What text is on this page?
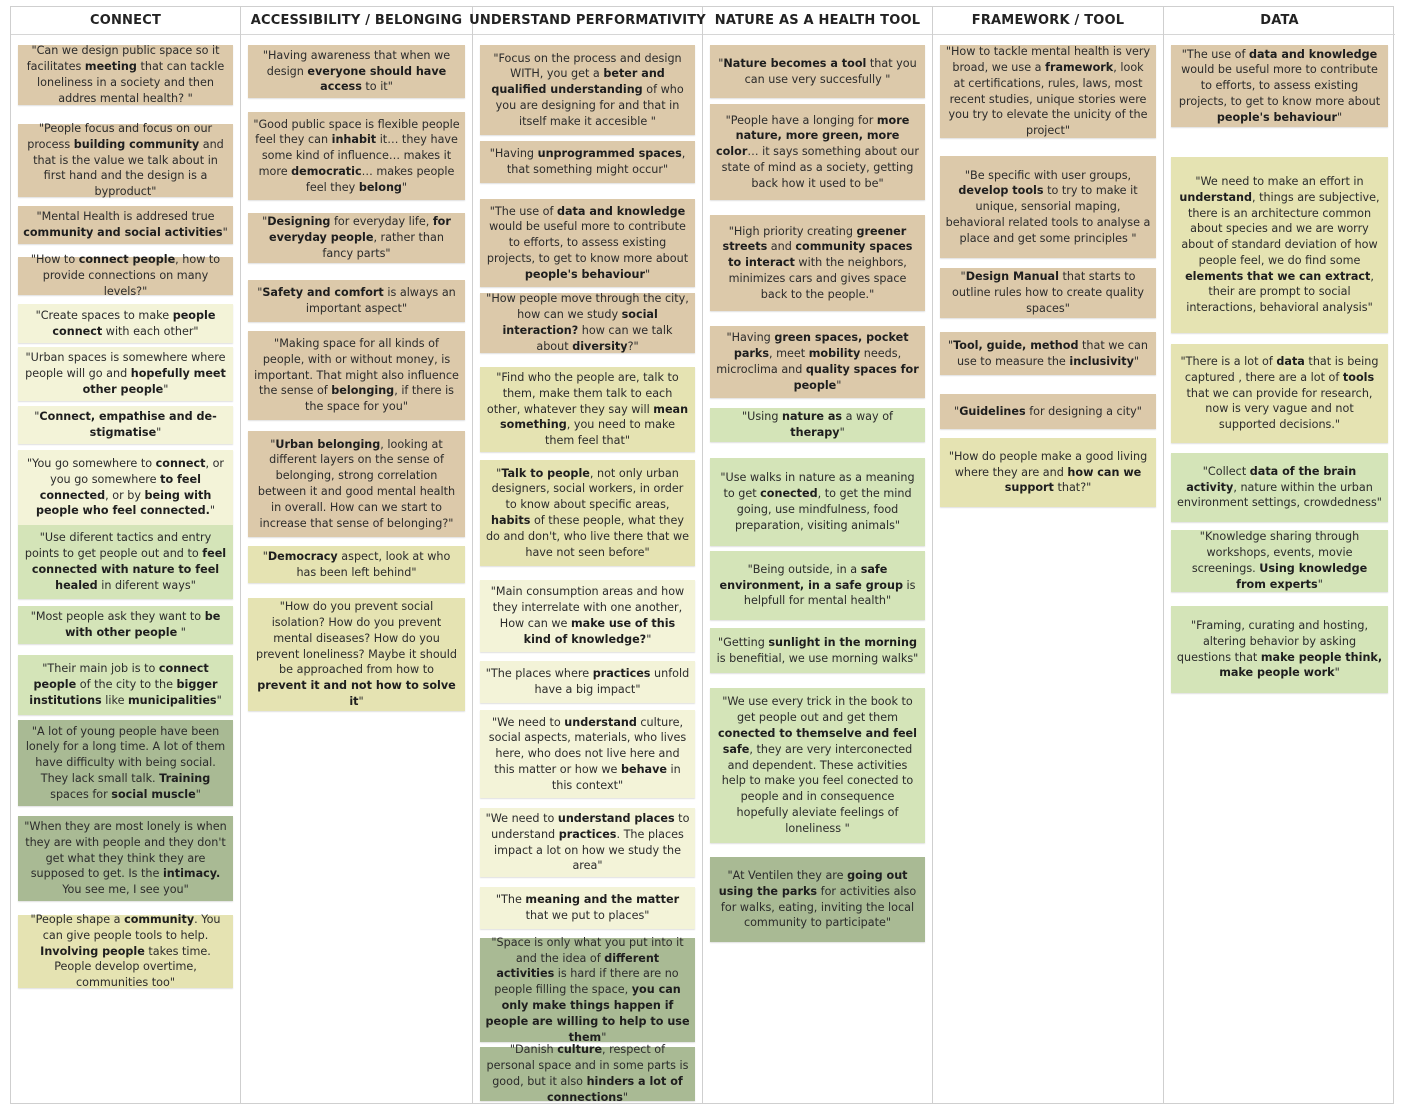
CONNECT
"Can we design public space so it facilitates meeting that can tackle loneliness in a society and then addres mental health? "
"People focus and focus on our process building community and that is the value we talk about in first hand and the design is a byproduct"
"Mental Health is addresed true community and social activities"
"How to connect people, how to provide connections on many levels?"
"Create spaces to make people connect with each other"
"Urban spaces is somewhere where people will go and hopefully meet other people"
"Connect, empathise and de-stigmatise"
"You go somewhere to connect, or you go somewhere to feel connected, or by being with people who feel connected."
"Use diferent tactics and entry points to get people out and to feel connected with nature to feel healed in diferent ways"
"Most people ask they want to be with other people "
"Their main job is to connect people of the city to the bigger institutions like municipalities"
"A lot of young people have been lonely for a long time. A lot of them have difficulty with being social. They lack small talk. Training spaces for social muscle"
"When they are most lonely is when they are with people and they don't get what they think they are supposed to get. Is the intimacy. You see me, I see you"
"People shape a community. You can give people tools to help. Involving people takes time. People develop overtime, communities too"
ACCESSIBILITY / BELONGING
"Having awareness that when we design everyone should have access to it"
"Good public space is flexible people feel they can inhabit it… they have some kind of influence… makes it more democratic… makes people feel they belong"
"Designing for everyday life, for everyday people, rather than fancy parts"
"Safety and comfort is always an important aspect"
"Making space for all kinds of people, with or without money, is important. That might also influence the sense of belonging, if there is the space for you"
"Urban belonging, looking at different layers on the sense of belonging, strong correlation between it and good mental health in overall. How can we start to increase that sense of belonging?"
"Democracy aspect, look at who has been left behind"
"How do you prevent social isolation? How do you prevent mental diseases? How do you prevent loneliness? Maybe it should be approached from how to prevent it and not how to solve it"
UNDERSTAND PERFORMATIVITY
"Focus on the process and design WITH, you get a beter and qualified understanding of who you are designing for and that in itself make it accesible "
"Having unprogrammed spaces, that something might occur"
"The use of data and knowledge would be useful more to contribute to efforts, to assess existing projects, to get to know more about people's behaviour"
"How people move through the city, how can we study social interaction? how can we talk about diversity?"
"Find who the people are, talk to them, make them talk to each other, whatever they say will mean something, you need to make them feel that"
"Talk to people, not only urban designers, social workers, in order to know about specific areas, habits of these people, what they do and don't, who live there that we have not seen before"
"Main consumption areas and how they interrelate with one another, How can we make use of this kind of knowledge?"
"The places where practices unfold have a big impact"
"We need to understand culture, social aspects, materials, who lives here, who does not live here and this matter or how we behave in this context"
"We need to understand places to understand practices. The places impact a lot on how we study the area"
"The meaning and the matter that we put to places"
"Space is only what you put into it and the idea of different activities is hard if there are no people filling the space, you can only make things happen if people are willing to help to use them"
"Danish culture, respect of personal space and in some parts is good, but it also hinders a lot of connections"
NATURE AS A HEALTH TOOL
"Nature becomes a tool that you can use very succesfully "
"People have a longing for more nature, more green, more color… it says something about our state of mind as a society, getting back how it used to be"
"High priority creating greener streets and community spaces to interact with the neighbors, minimizes cars and gives space back to the people."
"Having green spaces, pocket parks, meet mobility needs, microclima and quality spaces for people"
"Using nature as a way of therapy"
"Use walks in nature as a meaning to get conected, to get the mind going, use mindfulness, food preparation, visiting animals"
"Being outside, in a safe environment, in a safe group is helpfull for mental health"
"Getting sunlight in the morning is benefitial, we use morning walks"
"We use every trick in the book to get people out and get them conected to themselve and feel safe, they are very interconected and dependent. These activities help to make you feel conected to people and in consequence hopefully aleviate feelings of loneliness "
"At Ventilen they are going out using the parks for activities also for walks, eating, inviting the local community to participate"
FRAMEWORK / TOOL
"How to tackle mental health is very broad, we use a framework, look at certifications, rules, laws, most recent studies, unique stories were you try to elevate the unicity of the project"
"Be specific with user groups, develop tools to try to make it unique, sensorial maping, behavioral related tools to analyse a place and get some principles "
"Design Manual that starts to outline rules how to create quality spaces"
"Tool, guide, method that we can use to measure the inclusivity"
"Guidelines for designing a city"
"How do people make a good living where they are and how can we support that?"
DATA
"The use of data and knowledge would be useful more to contribute to efforts, to assess existing projects, to get to know more about people's behaviour"
"We need to make an effort in understand, things are subjective, there is an architecture common about species and we are worry about of standard deviation of how people feel, we do find some elements that we can extract, their are prompt to social interactions, behavioral analysis"
"There is a lot of data that is being captured , there are a lot of tools that we can provide for research, now is very vague and not supported decisions."
"Collect data of the brain activity, nature within the urban environment settings, crowdedness"
"Knowledge sharing through workshops, events, movie screenings. Using knowledge from experts"
"Framing, curating and hosting, altering behavior by asking questions that make people think, make people work"
